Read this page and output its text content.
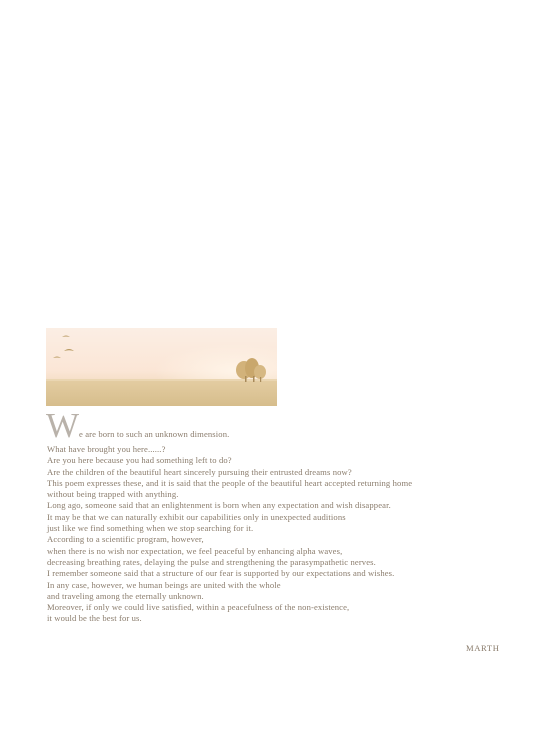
W e are born to such an unknown dimension.
What have brought you here......?
Are you here because you had something left to do?
Are the children of the beautiful heart sincerely pursuing their entrusted dreams now?
This poem expresses these, and it is said that the people of the beautiful heart accepted returning home
without being trapped with anything.
Long ago, someone said that an enlightenment is born when any expectation and wish disappear.
It may be that we can naturally exhibit our capabilities only in unexpected auditions
just like we find something when we stop searching for it.
According to a scientific program, however,
when there is no wish nor expectation, we feel peaceful by enhancing alpha waves,
decreasing breathing rates, delaying the pulse and strengthening the parasympathetic nerves.
I remember someone said that a structure of our fear is supported by our expectations and wishes.
In any case, however, we human beings are united with the whole
and traveling among the eternally unknown.
Moreover, if only we could live satisfied, within a peacefulness of the non-existence,
it would be the best for us.
MARTH
